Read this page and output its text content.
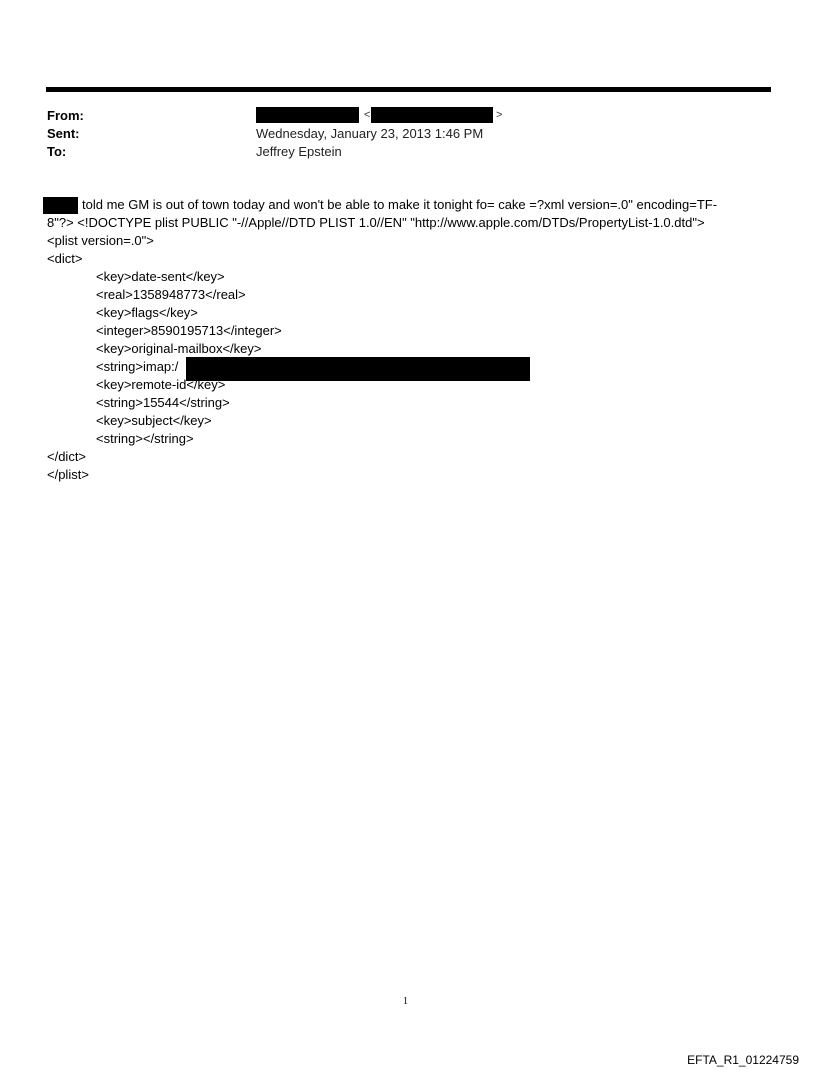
From:
Sent:
To:
<	>
Wednesday, January 23, 2013 1:46 PM
Jeffrey Epstein
told me GM is out of town today and won't be able to make it tonight fo= cake =?xml version=.0" encoding=TF-
8"?> <!DOCTYPE plist PUBLIC "-//Apple//DTD PLIST 1.0//EN" "http://www.apple.com/DTDs/PropertyList-1.0.dtd">
<plist version=.0">
<dict>
<key>date-sent</key>
<real>1358948773</real>
<key>flags</key>
<integer>8590195713</integer>
<key>original-mailbox</key>
<string>imap:/
<key>remote-id</key>
<string>15544</string>
<key>subject</key>
<string></string>
</dict>
</plist>
1
EFTA_R1_01224759
